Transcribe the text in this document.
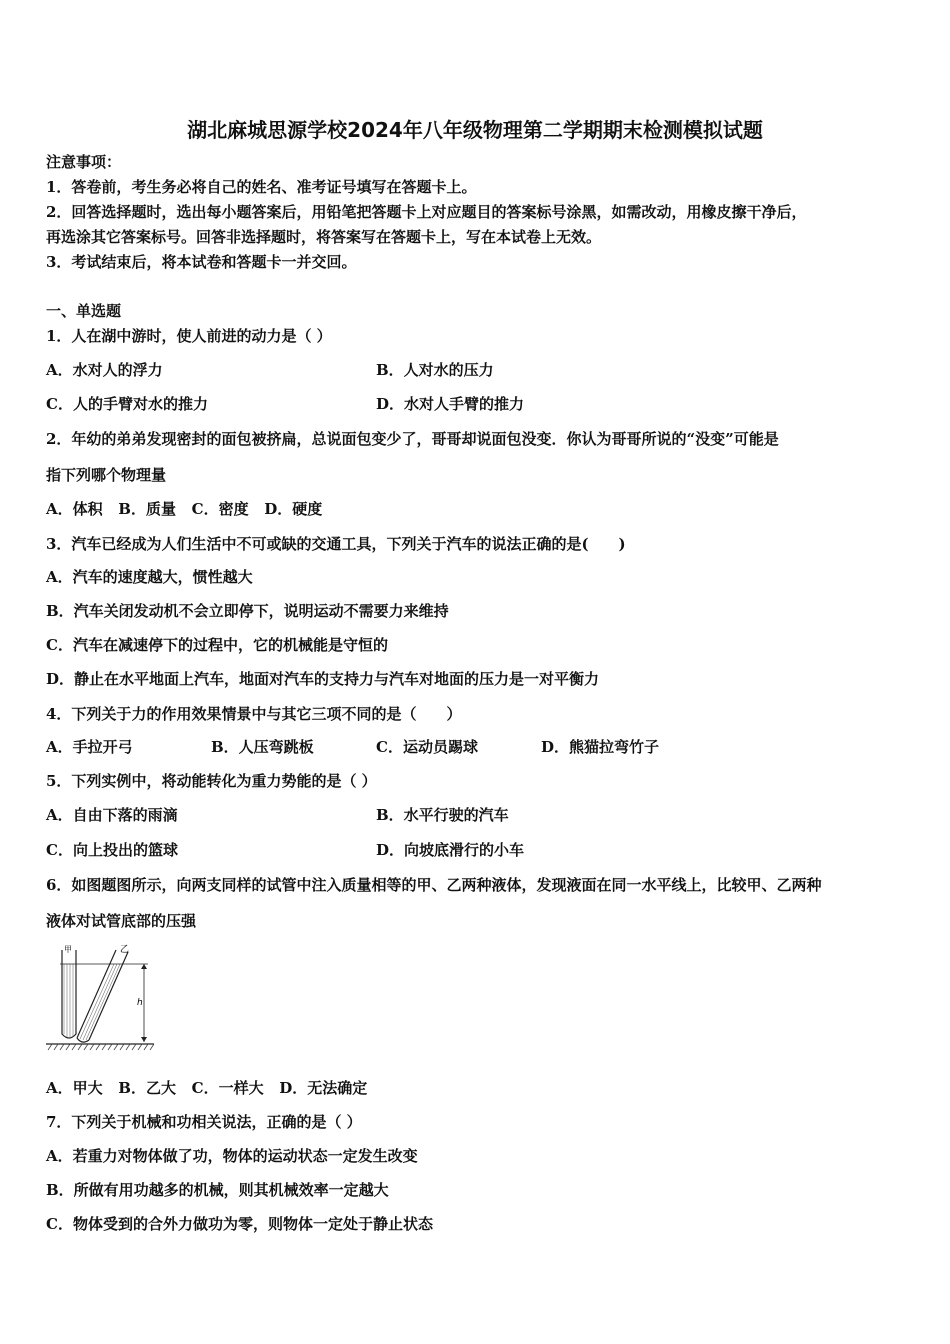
湖北麻城思源学校2024年八年级物理第二学期期末检测模拟试题
注意事项：
1．答卷前，考生务必将自己的姓名、准考证号填写在答题卡上。
2．回答选择题时，选出每小题答案后，用铅笔把答题卡上对应题目的答案标号涂黑，如需改动，用橡皮擦干净后，
再选涂其它答案标号。回答非选择题时，将答案写在答题卡上，写在本试卷上无效。
3．考试结束后，将本试卷和答题卡一并交回。
一、单选题
1．人在湖中游时，使人前进的动力是（ ）
A．水对人的浮力	B．人对水的压力
C．人的手臂对水的推力	D．水对人手臂的推力
2．年幼的弟弟发现密封的面包被挤扁，总说面包变少了，哥哥却说面包没变．你认为哥哥所说的“没变”可能是
指下列哪个物理量
A．体积   B．质量   C．密度   D．硬度
3．汽车已经成为人们生活中不可或缺的交通工具，下列关于汽车的说法正确的是(　　)
A．汽车的速度越大，惯性越大
B．汽车关闭发动机不会立即停下，说明运动不需要力来维持
C．汽车在减速停下的过程中，它的机械能是守恒的
D．静止在水平地面上汽车，地面对汽车的支持力与汽车对地面的压力是一对平衡力
4．下列关于力的作用效果情景中与其它三项不同的是（　　）
A．手拉开弓	B．人压弯跳板	C．运动员踢球	D．熊猫拉弯竹子
5．下列实例中，将动能转化为重力势能的是（ ）
A．自由下落的雨滴	B．水平行驶的汽车
C．向上投出的篮球	D．向坡底滑行的小车
6．如图题图所示，向两支同样的试管中注入质量相等的甲、乙两种液体，发现液面在同一水平线上，比较甲、乙两种
液体对试管底部的压强
甲	乙
h
A．甲大   B．乙大   C．一样大   D．无法确定
7．下列关于机械和功相关说法，正确的是（ ）
A．若重力对物体做了功，物体的运动状态一定发生改变
B．所做有用功越多的机械，则其机械效率一定越大
C．物体受到的合外力做功为零，则物体一定处于静止状态
